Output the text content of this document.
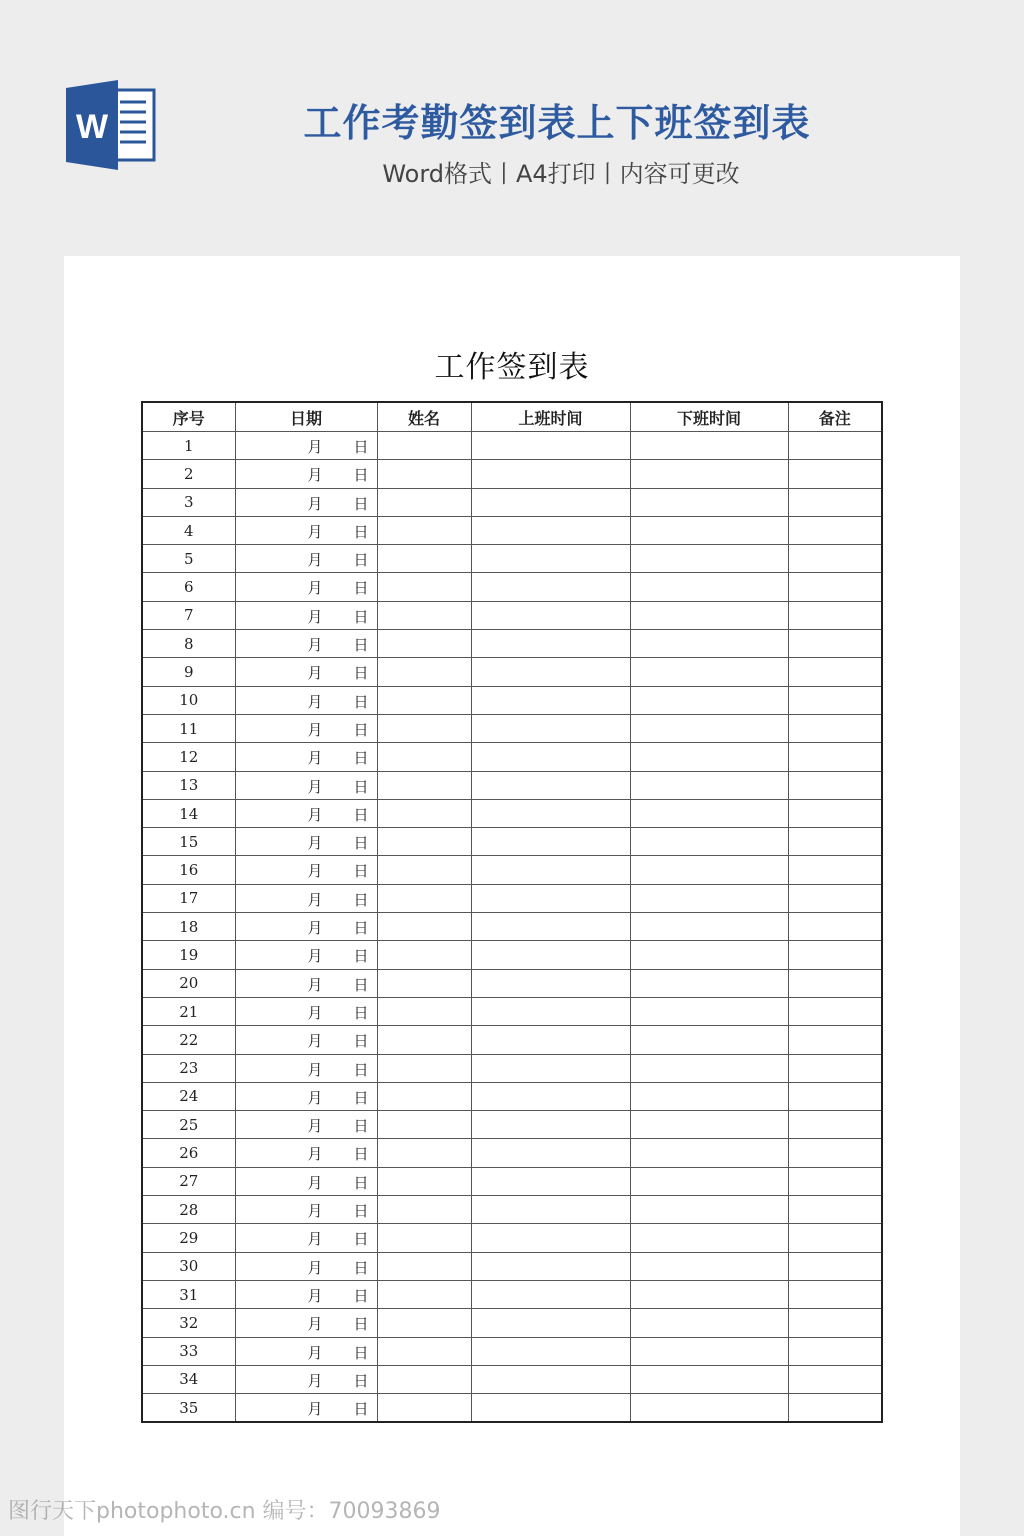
W	工作考勤签到表上下班签到表
Word格式丨A4打印丨内容可更改
工作签到表
序号	日期	姓名	上班时间	下班时间	备注
1	月 日				

2	月 日				

3	月 日				

4	月 日				

5	月 日				

6	月 日				

7	月 日				

8	月 日				

9	月 日				

10	月 日				

11	月 日				

12	月 日				

13	月 日				

14	月 日				

15	月 日				

16	月 日				

17	月 日				

18	月 日				

19	月 日				

20	月 日				

21	月 日				

22	月 日				

23	月 日				

24	月 日				

25	月 日				

26	月 日				

27	月 日				

28	月 日				

29	月 日				

30	月 日				

31	月 日				

32	月 日				

33	月 日				

34	月 日				

35	月 日				

图行天下photophoto.cn 编号：70093869
